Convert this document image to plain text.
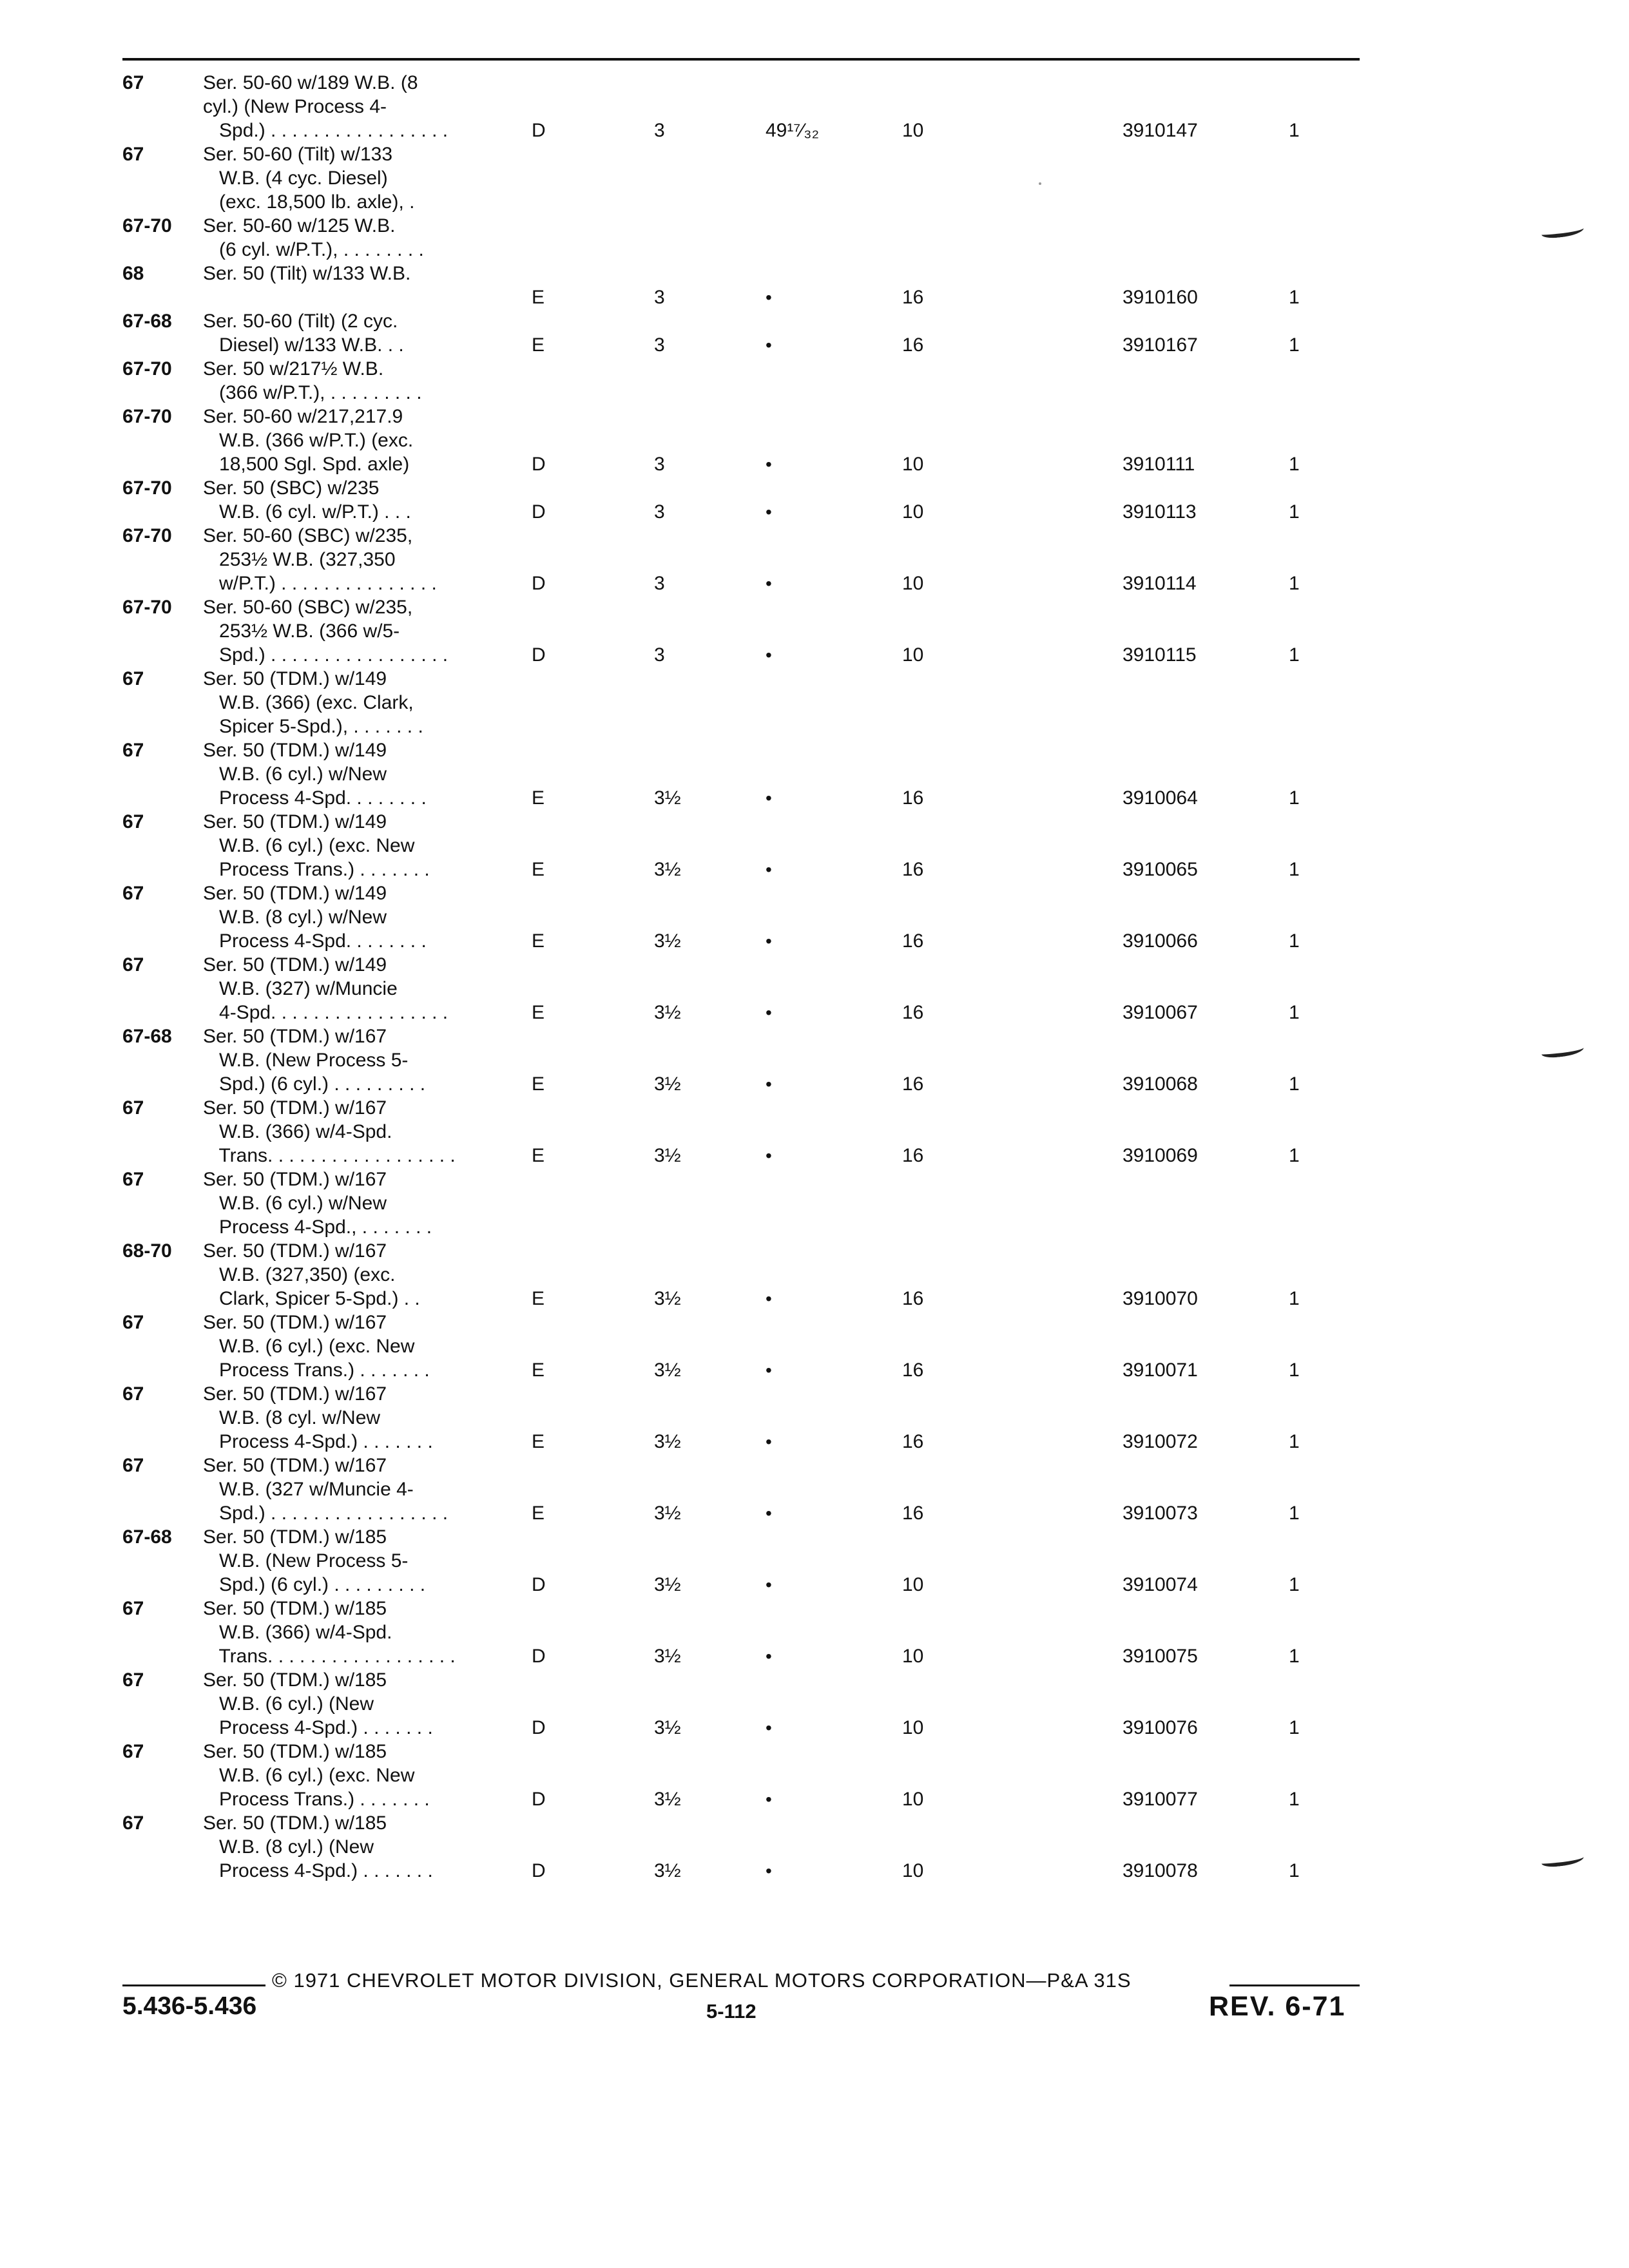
67	Ser. 50-60 w/189 W.B. (8
cyl.) (New Process 4-
Spd.) . . . . . . . . . . . . . . . . .	D	3	49¹⁷⁄₃₂	10	3910147	1
67	Ser. 50-60 (Tilt) w/133
W.B. (4 cyc. Diesel)
(exc. 18,500 lb. axle), .
67-70 Ser. 50-60 w/125 W.B.
(6 cyl. w/P.T.), . . . . . . . .
68	Ser. 50 (Tilt) w/133 W.B.

E	3	•	16	3910160	1
67-68 Ser. 50-60 (Tilt) (2 cyc.
Diesel) w/133 W.B. . .	E	3	•	16	3910167	1
67-70 Ser. 50 w/217½ W.B.
(366 w/P.T.), . . . . . . . . .
67-70 Ser. 50-60 w/217,217.9
W.B. (366 w/P.T.) (exc.
18,500 Sgl. Spd. axle)	D	3	•	10	3910111	1
67-70 Ser. 50 (SBC) w/235
W.B. (6 cyl. w/P.T.) . . .	D	3	•	10	3910113	1
67-70 Ser. 50-60 (SBC) w/235,
253½ W.B. (327,350
w/P.T.) . . . . . . . . . . . . . . .	D	3	•	10	3910114	1
67-70 Ser. 50-60 (SBC) w/235,
253½ W.B. (366 w/5-
Spd.) . . . . . . . . . . . . . . . . .	D	3	•	10	3910115	1
67	Ser. 50 (TDM.) w/149
W.B. (366) (exc. Clark,
Spicer 5-Spd.), . . . . . . .
67	Ser. 50 (TDM.) w/149
W.B. (6 cyl.) w/New
Process 4-Spd. . . . . . . .	E	3½	•	16	3910064	1
67	Ser. 50 (TDM.) w/149
W.B. (6 cyl.) (exc. New
Process Trans.) . . . . . . .	E	3½	•	16	3910065	1
67	Ser. 50 (TDM.) w/149
W.B. (8 cyl.) w/New
Process 4-Spd. . . . . . . .	E	3½	•	16	3910066	1
67	Ser. 50 (TDM.) w/149
W.B. (327) w/Muncie
4-Spd. . . . . . . . . . . . . . . . .	E	3½	•	16	3910067	1
67-68 Ser. 50 (TDM.) w/167
W.B. (New Process 5-
Spd.) (6 cyl.) . . . . . . . . .	E	3½	•	16	3910068	1
67	Ser. 50 (TDM.) w/167
W.B. (366) w/4-Spd.
Trans. . . . . . . . . . . . . . . . . .	E	3½	•	16	3910069	1
67	Ser. 50 (TDM.) w/167
W.B. (6 cyl.) w/New
Process 4-Spd., . . . . . . .
68-70 Ser. 50 (TDM.) w/167
W.B. (327,350) (exc.
Clark, Spicer 5-Spd.) . .	E	3½	•	16	3910070	1
67	Ser. 50 (TDM.) w/167
W.B. (6 cyl.) (exc. New
Process Trans.) . . . . . . .	E	3½	•	16	3910071	1
67	Ser. 50 (TDM.) w/167
W.B. (8 cyl. w/New
Process 4-Spd.) . . . . . . .	E	3½	•	16	3910072	1
67	Ser. 50 (TDM.) w/167
W.B. (327 w/Muncie 4-
Spd.) . . . . . . . . . . . . . . . . .	E	3½	•	16	3910073	1
67-68 Ser. 50 (TDM.) w/185
W.B. (New Process 5-
Spd.) (6 cyl.) . . . . . . . . .	D	3½	•	10	3910074	1
67	Ser. 50 (TDM.) w/185
W.B. (366) w/4-Spd.
Trans. . . . . . . . . . . . . . . . . .	D	3½	•	10	3910075	1
67	Ser. 50 (TDM.) w/185
W.B. (6 cyl.) (New
Process 4-Spd.) . . . . . . .	D	3½	•	10	3910076	1
67	Ser. 50 (TDM.) w/185
W.B. (6 cyl.) (exc. New
Process Trans.) . . . . . . .	D	3½	•	10	3910077	1
67	Ser. 50 (TDM.) w/185
W.B. (8 cyl.) (New
Process 4-Spd.) . . . . . . .	D	3½	•	10	3910078	1
© 1971 CHEVROLET MOTOR DIVISION, GENERAL MOTORS CORPORATION—P&A 31S
5.436-5.436	5-112	REV. 6-71
